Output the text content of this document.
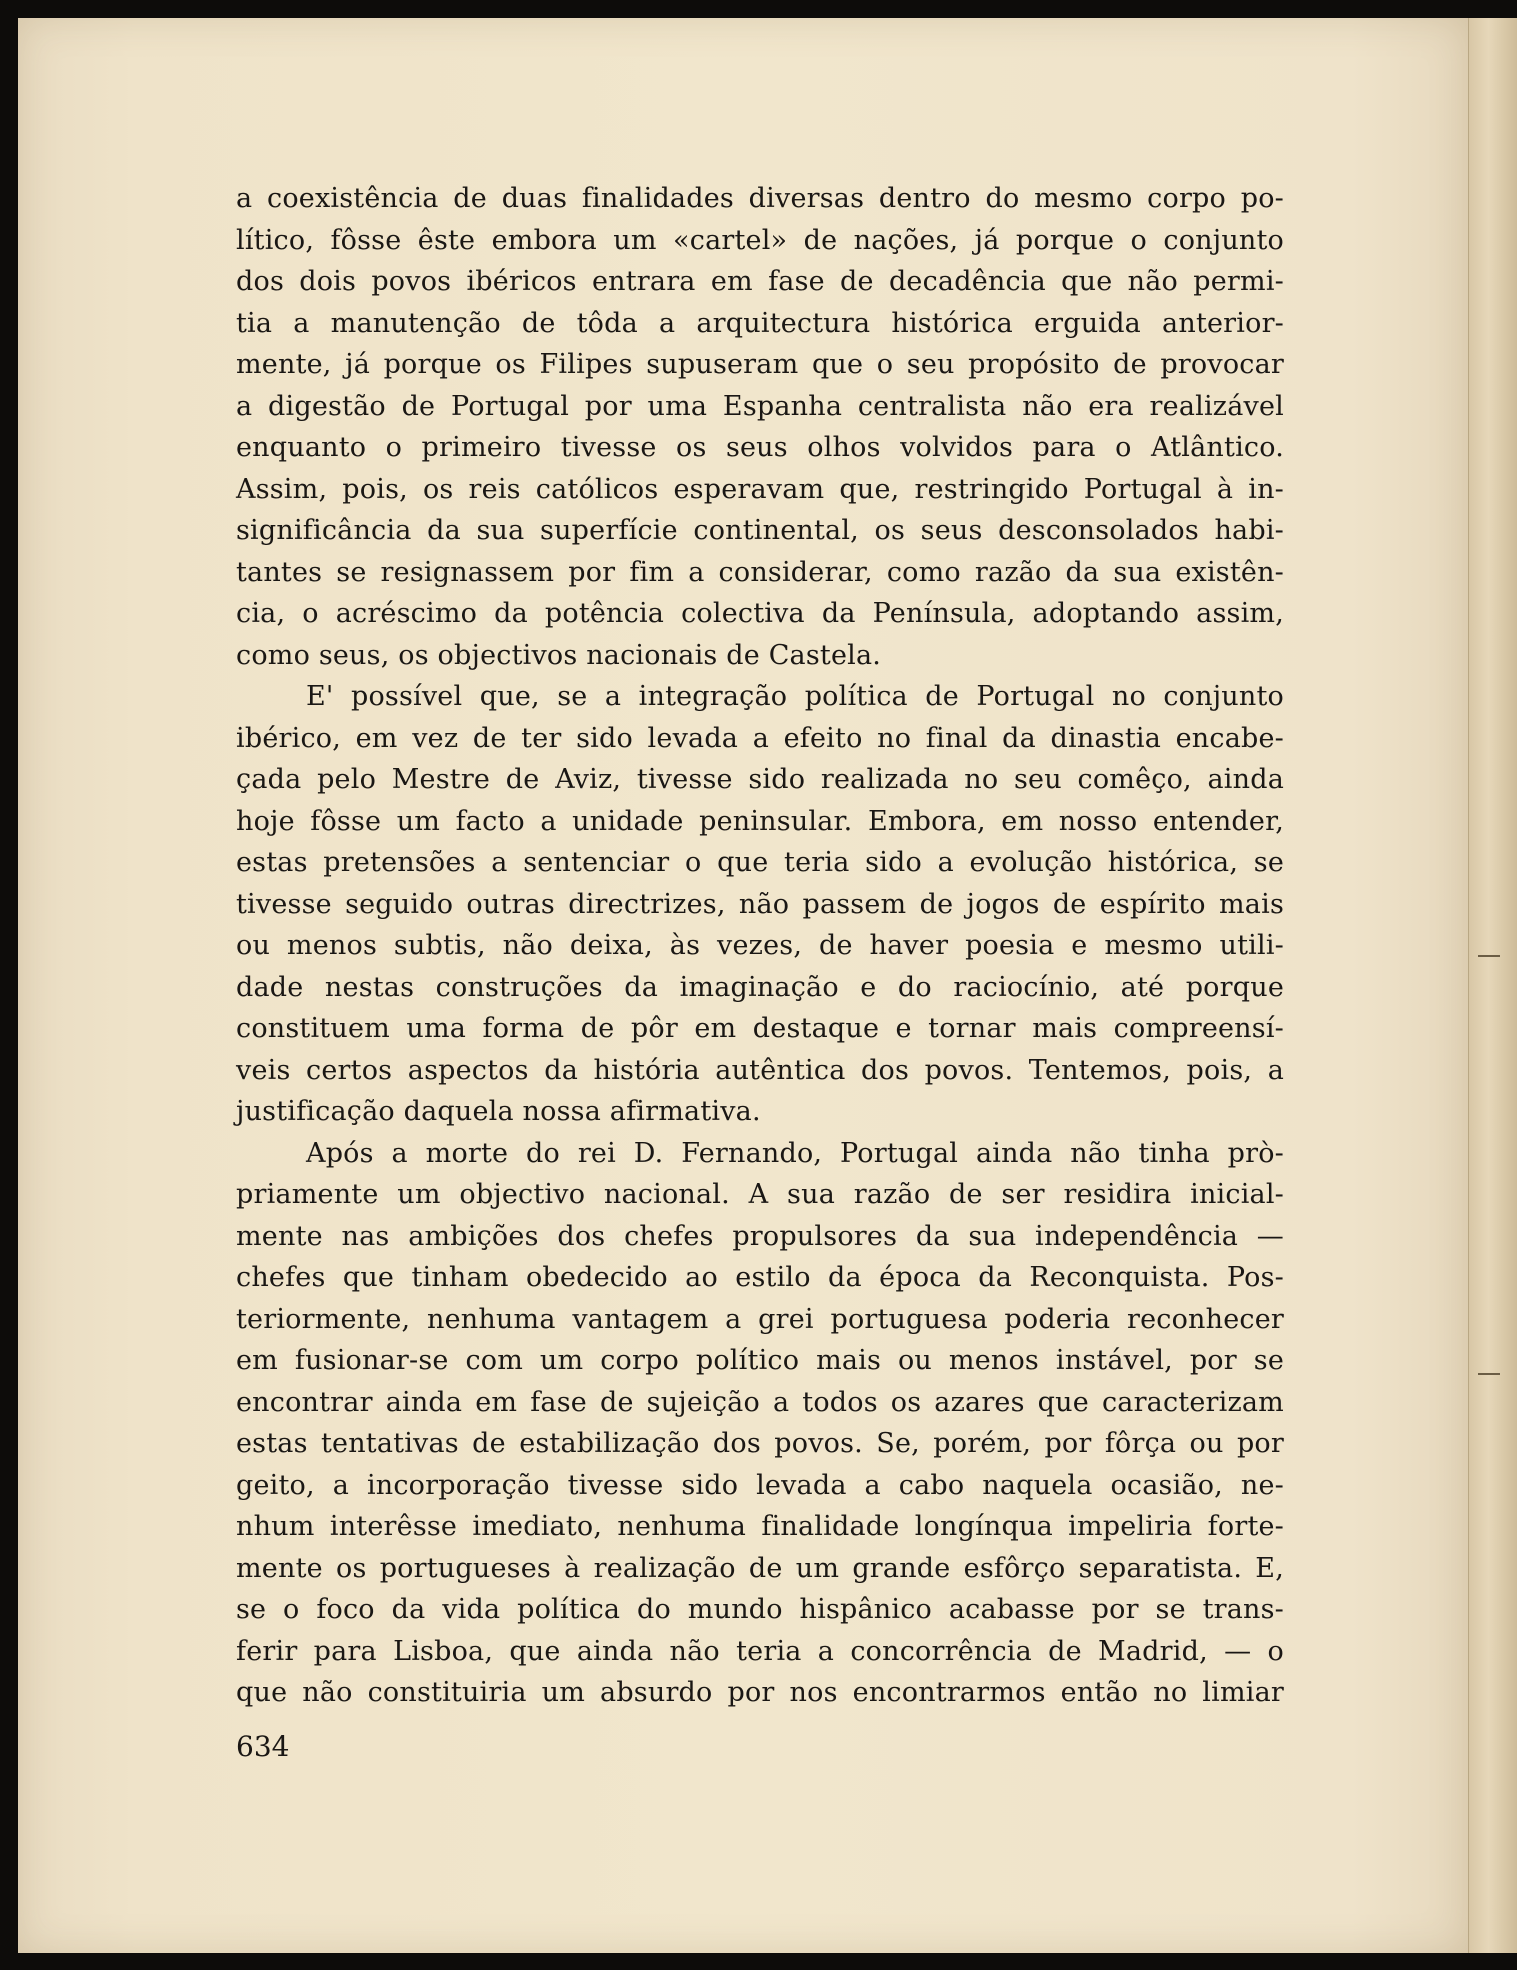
a coexistência de duas finalidades diversas dentro do mesmo corpo po-
lítico, fôsse êste embora um «cartel» de nações, já porque o conjunto
dos dois povos ibéricos entrara em fase de decadência que não permi-
tia a manutenção de tôda a arquitectura histórica erguida anterior-
mente, já porque os Filipes supuseram que o seu propósito de provocar
a digestão de Portugal por uma Espanha centralista não era realizável
enquanto o primeiro tivesse os seus olhos volvidos para o Atlântico.
Assim, pois, os reis católicos esperavam que, restringido Portugal à in-
significância da sua superfície continental, os seus desconsolados habi-
tantes se resignassem por fim a considerar, como razão da sua existên-
cia, o acréscimo da potência colectiva da Península, adoptando assim,
como seus, os objectivos nacionais de Castela.
E' possível que, se a integração política de Portugal no conjunto
ibérico, em vez de ter sido levada a efeito no final da dinastia encabe-
çada pelo Mestre de Aviz, tivesse sido realizada no seu comêço, ainda
hoje fôsse um facto a unidade peninsular. Embora, em nosso entender,
estas pretensões a sentenciar o que teria sido a evolução histórica, se
tivesse seguido outras directrizes, não passem de jogos de espírito mais
ou menos subtis, não deixa, às vezes, de haver poesia e mesmo utili-
dade nestas construções da imaginação e do raciocínio, até porque
constituem uma forma de pôr em destaque e tornar mais compreensí-
veis certos aspectos da história autêntica dos povos. Tentemos, pois, a
justificação daquela nossa afirmativa.
Após a morte do rei D. Fernando, Portugal ainda não tinha prò-
priamente um objectivo nacional. A sua razão de ser residira inicial-
mente nas ambições dos chefes propulsores da sua independência —
chefes que tinham obedecido ao estilo da época da Reconquista. Pos-
teriormente, nenhuma vantagem a grei portuguesa poderia reconhecer
em fusionar-se com um corpo político mais ou menos instável, por se
encontrar ainda em fase de sujeição a todos os azares que caracterizam
estas tentativas de estabilização dos povos. Se, porém, por fôrça ou por
geito, a incorporação tivesse sido levada a cabo naquela ocasião, ne-
nhum interêsse imediato, nenhuma finalidade longínqua impeliria forte-
mente os portugueses à realização de um grande esfôrço separatista. E,
se o foco da vida política do mundo hispânico acabasse por se trans-
ferir para Lisboa, que ainda não teria a concorrência de Madrid, — o
que não constituiria um absurdo por nos encontrarmos então no limiar
634
